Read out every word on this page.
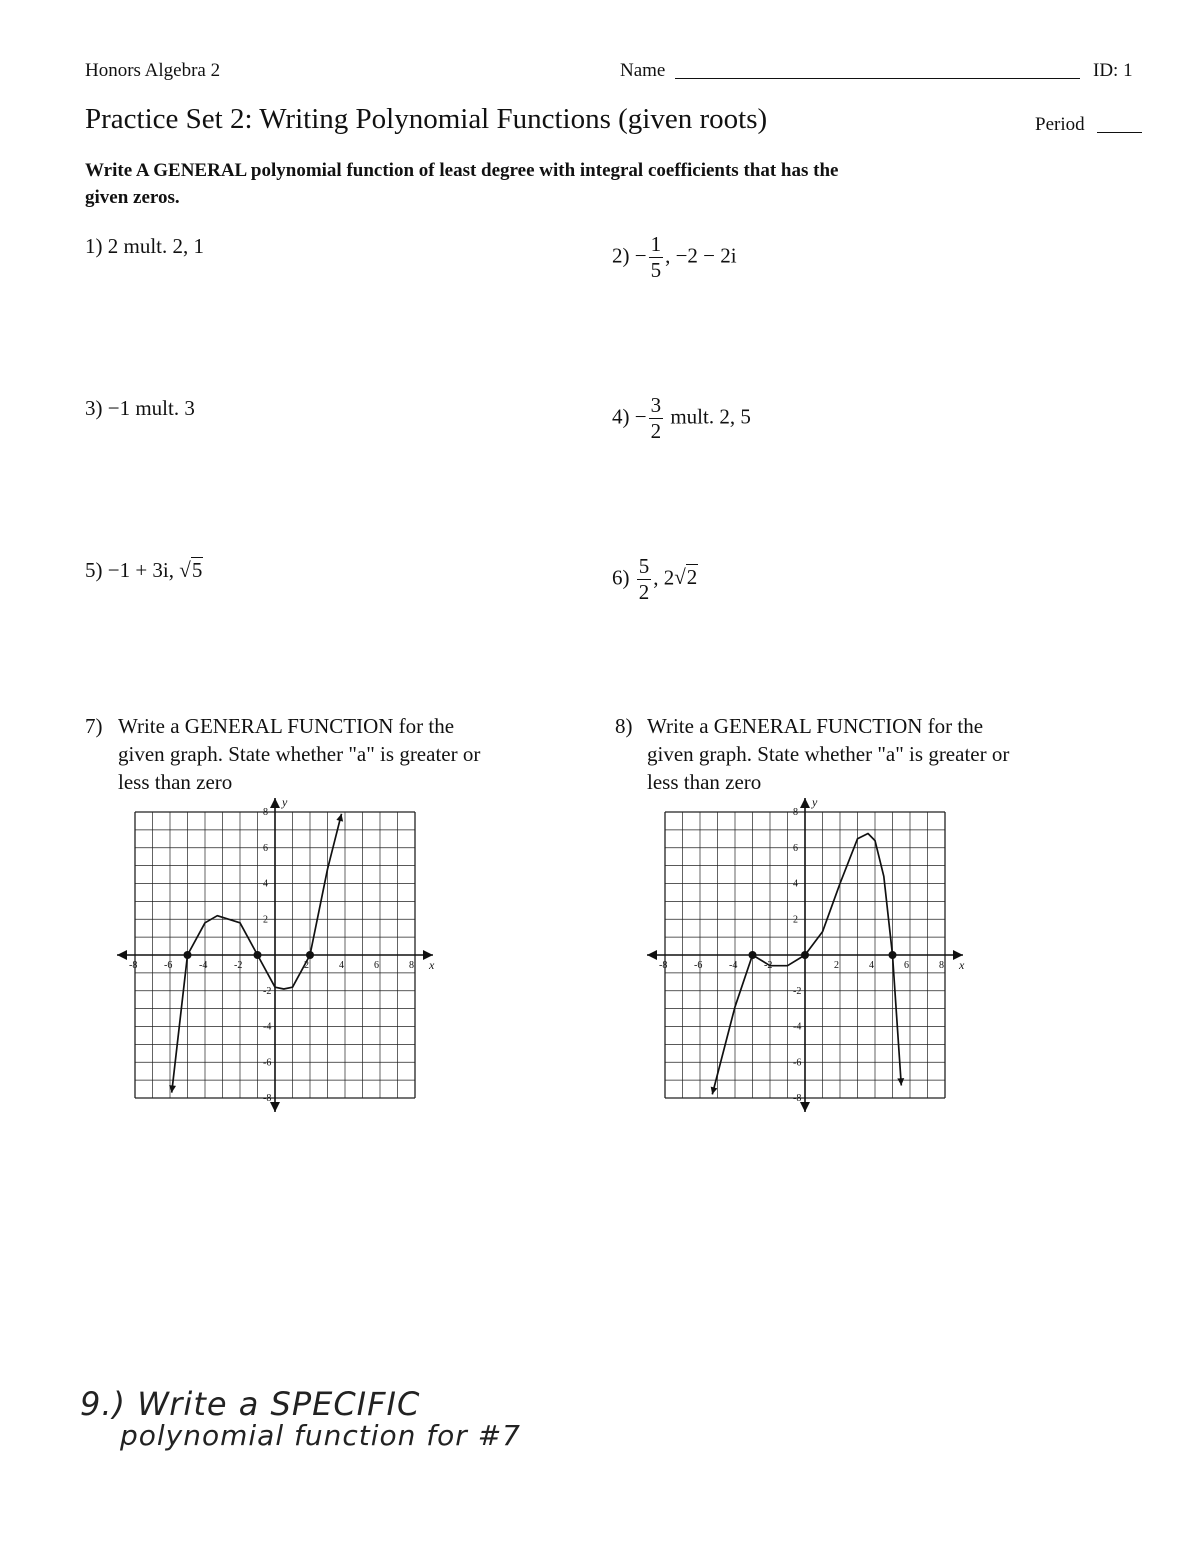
Honors Algebra 2	Name	ID: 1
Practice Set 2: Writing Polynomial Functions (given roots)	Period
Write A GENERAL polynomial function of least degree with integral coefficients that has the
given zeros.
1) 2 mult. 2, 1	$2) - \frac{1}{5}$ , −2 − 2i
3) −1 mult. 3	$4) - \frac{3}{2}$ mult. 2, 5
5) −1 + 3i, √5	$6) \frac{5}{2}$ , 2√2
7) Write a GENERAL FUNCTION for the
given graph. State whether "a" is greater or
less than zero
8) Write a GENERAL FUNCTION for the
given graph. State whether "a" is greater or
less than zero
x
y
-8	-6	-4	-2	2	4	6	8
-8
-6
-4
-2
2
4
6
8
x
y
-8	-6	-4	-2	2	4	6	8
-8
-6
-4
-2
2
4
6
8
9.) Write a SPECIFIC
polynomial function for #7
